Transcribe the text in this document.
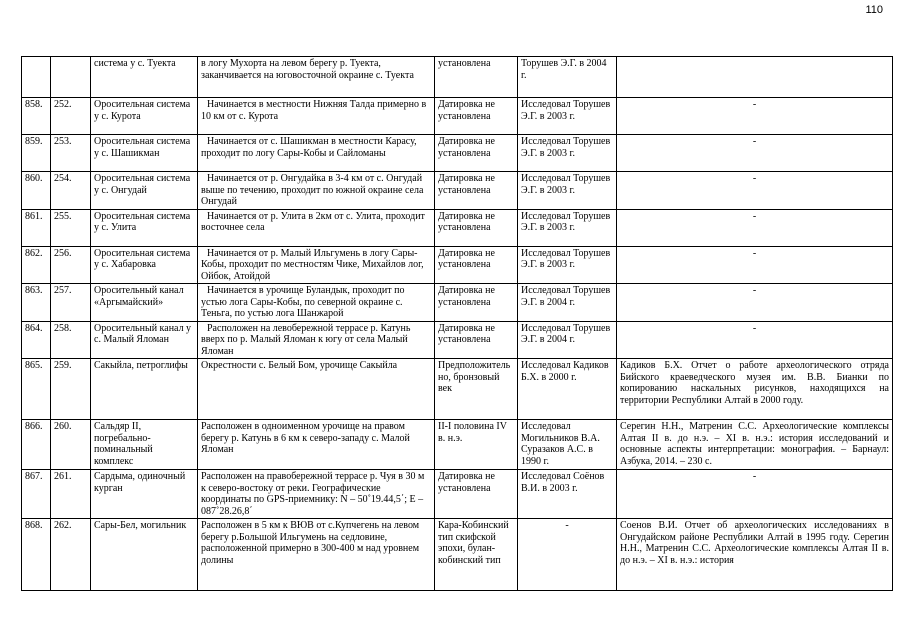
110
		система у с. Туекта	в логу Мухорта на левом берегу р. Туекта, заканчивается на юговосточной окраине с. Туекта	установлена	Торушев Э.Г. в 2004 г.	
858.	252.	Оросительная система у с. Курота	Начинается в местности Нижняя Талда примерно в 10 км от с. Курота	Датировка не установлена	Исследовал Торушев Э.Г. в 2003 г.	-
859.	253.	Оросительная система у с. Шашикман	Начинается от с. Шашикман в местности Карасу, проходит по логу Сары-Кобы и Сайломаны	Датировка не установлена	Исследовал Торушев Э.Г. в 2003 г.	-
860.	254.	Оросительная система у с. Онгудай	Начинается от р. Онгудайка в 3-4 км от с. Онгудай выше по течению, проходит по южной окраине села Онгудай	Датировка не установлена	Исследовал Торушев Э.Г. в 2003 г.	-
861.	255.	Оросительная система у с. Улита	Начинается от р. Улита в 2км от с. Улита, проходит восточнее села	Датировка не установлена	Исследовал Торушев Э.Г. в 2003 г.	-
862.	256.	Оросительная система у с. Хабаровка	Начинается от р. Малый Ильгумень в логу Сары-Кобы, проходит по местностям Чике, Михайлов лог, Ойбок, Атойдой	Датировка не установлена	Исследовал Торушев Э.Г. в 2003 г.	-
863.	257.	Оросительный канал «Аргымайский»	Начинается в урочище Буландык, проходит по устью лога Сары-Кобы, по северной окраине с. Теньга, по устью лога Шанжарой	Датировка не установлена	Исследовал Торушев Э.Г. в 2004 г.	-
864.	258.	Оросительный канал у с. Малый Яломан	Расположен на левобережной террасе р. Катунь вверх по р. Малый Яломан к югу от села Малый Яломан	Датировка не установлена	Исследовал Торушев Э.Г. в 2004 г.	-
865.	259.	Сакыйла, петроглифы	Окрестности с. Белый Бом, урочище Сакыйла	Предположительно, бронзовый век	Исследовал Кадиков Б.Х. в 2000 г.	Кадиков Б.Х. Отчет о работе археологического отряда Бийского краеведческого музея им. В.В. Бианки по копированию наскальных рисунков, находящихся на территории Республики Алтай в 2000 году.
866.	260.	Сальдяр II, погребально-поминальный комплекс	Расположен в одноименном урочище на правом берегу р. Катунь в 6 км к северо-западу с. Малой Яломан	II-I половина IV в. н.э.	Исследовал Могильников В.А. Суразаков А.С. в 1990 г.	Серегин Н.Н., Матренин С.С. Археологические комплексы Алтая II в. до н.э. – XI в. н.э.: история исследований и основные аспекты интерпретации: монография. – Барнаул: Азбука, 2014. – 230 с.
867.	261.	Сардыма, одиночный курган	Расположен на правобережной террасе р. Чуя в 30 м к северо-востоку от реки. Географические координаты по GPS-приемнику: N – 50˚19.44,5΄; E – 087˚28.26,8΄	Датировка не установлена	Исследовал Сoёнов В.И. в 2003 г.	-
868.	262.	Сары-Бел, могильник	Расположен в 5 км к ВЮВ от с.Купчегень на левом берегу р.Большой Ильгумень на седловине, расположенной примерно в 300-400 м над уровнем долины	Кара-Кобинский тип скифской эпохи, булан-кобинский тип	-	Соенов В.И. Отчет об археологических исследованиях в Онгудайском районе Республики Алтай в 1995 году. Серегин Н.Н., Матренин С.С. Археологические комплексы Алтая II в. до н.э. – XI в. н.э.: история
